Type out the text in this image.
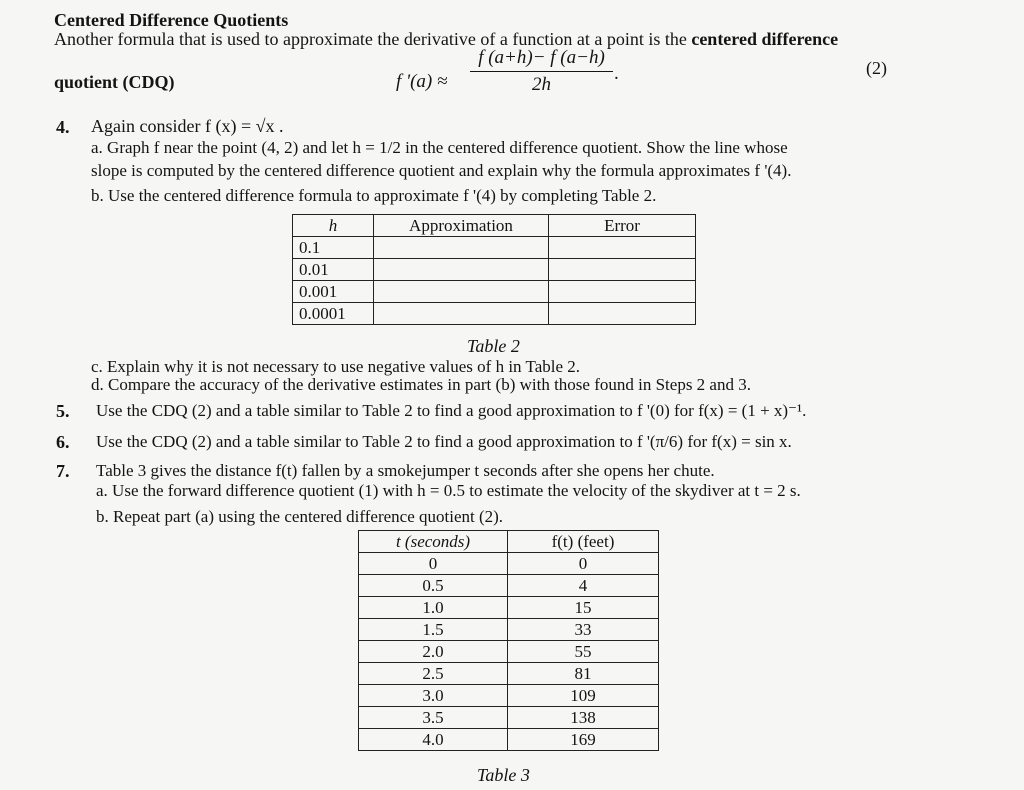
Centered Difference Quotients
Another formula that is used to approximate the derivative of a function at a point is the centered difference
quotient (CDQ)	f '(a) ≈
f (a+h)− f (a−h)
2h
.	(2)
4. Again consider f (x) = √x .
a. Graph f near the point (4, 2) and let h = 1/2 in the centered difference quotient. Show the line whose
slope is computed by the centered difference quotient and explain why the formula approximates f '(4).
b. Use the centered difference formula to approximate f '(4) by completing Table 2.
h	Approximation	Error
0.1		
0.01		
0.001		
0.0001		
Table 2
c. Explain why it is not necessary to use negative values of h in Table 2.
d. Compare the accuracy of the derivative estimates in part (b) with those found in Steps 2 and 3.
5. Use the CDQ (2) and a table similar to Table 2 to find a good approximation to f '(0) for f(x) = (1 + x)⁻¹.
6. Use the CDQ (2) and a table similar to Table 2 to find a good approximation to f '(π/6) for f(x) = sin x.
7. Table 3 gives the distance f(t) fallen by a smokejumper t seconds after she opens her chute.
a. Use the forward difference quotient (1) with h = 0.5 to estimate the velocity of the skydiver at t = 2 s.
b. Repeat part (a) using the centered difference quotient (2).
t (seconds)	f(t) (feet)
0	0
0.5	4
1.0	15
1.5	33
2.0	55
2.5	81
3.0	109
3.5	138
4.0	169
Table 3
